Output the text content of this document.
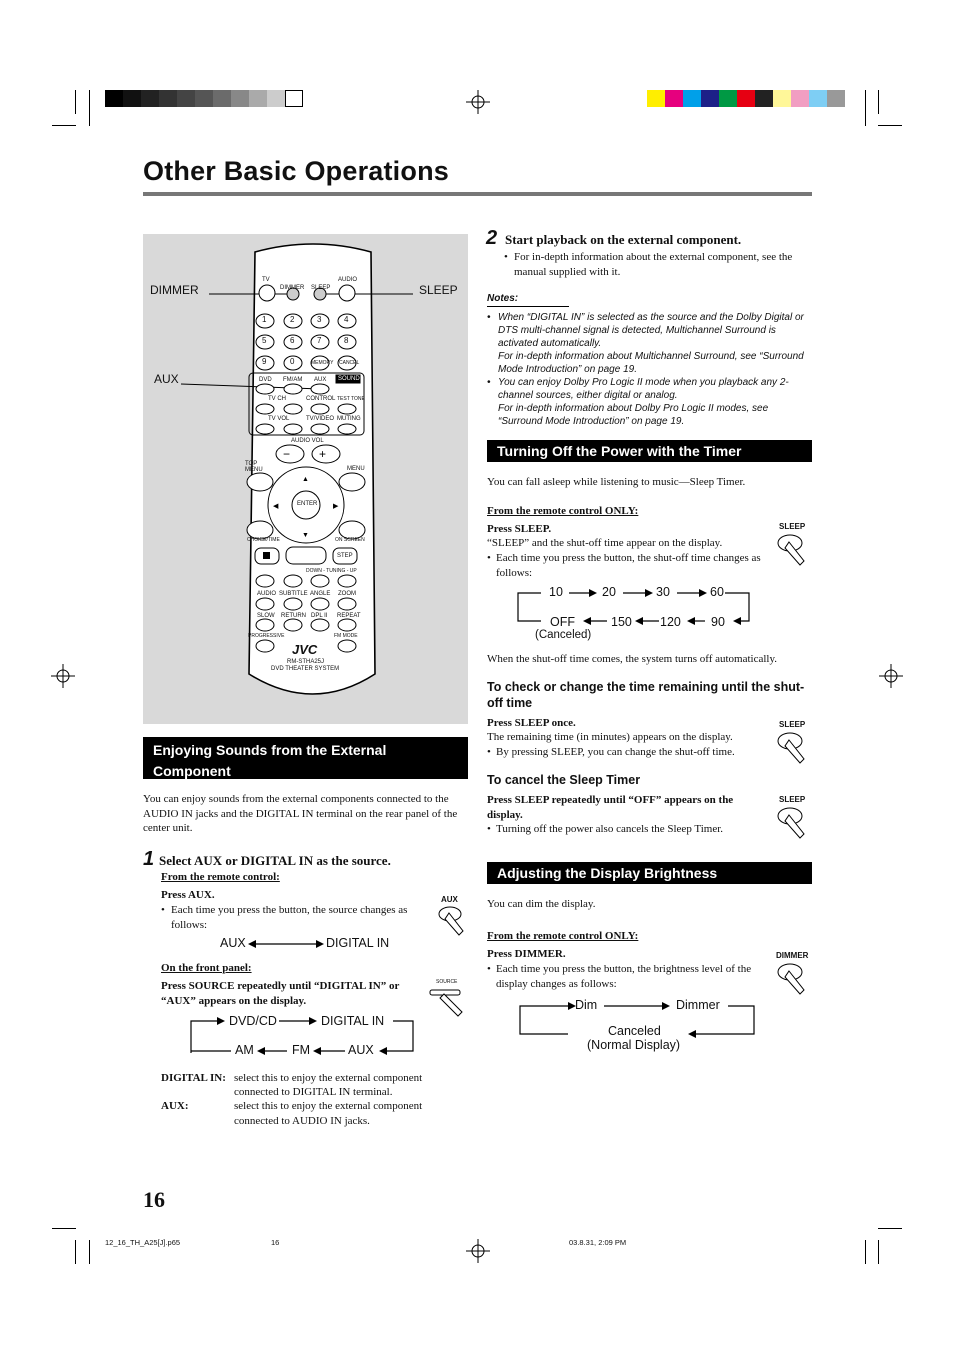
Other Basic Operations
− +
▲
▼
◀	▶
DIMMER	SLEEP
AUX
TV	AUDIO
DIMMER SLEEP
1	2	3	4
5	6	7	8
9	0	MEMORY CANCEL
DVD FM/AM AUX SOUND
TV CH	CONTROL TEST TONE
TV VOL	TV/VIDEO MUTING
AUDIO VOL
TOP MENU	MENU
ENTER
CHOICE/TIME	ON SCREEN
STEP
DOWN - TUNING - UP
AUDIO SUBTITLE ANGLE ZOOM
SLOW RETURN DPL II REPEAT
PROGRESSIVE	FM MODE
JVC
RM-STHA25J
DVD THEATER SYSTEM
Enjoying Sounds from the External
Component
You can enjoy sounds from the external components connected to the AUDIO IN jacks and the DIGITAL IN terminal on the rear panel of the center unit.
1 Select AUX or DIGITAL IN as the source.
From the remote control:
Press AUX.
• Each time you press the button, the source changes as follows:
AUX
AUX	DIGITAL IN
On the front panel:
Press SOURCE repeatedly until “DIGITAL IN” or “AUX” appears on the display.
SOURCE
DVD/CD	DIGITAL IN
AM	FM	AUX
DIGITAL IN: select this to enjoy the external component
connected to DIGITAL IN terminal.
AUX:	select this to enjoy the external component
connected to AUDIO IN jacks.
2 Start playback on the external component.
• For in-depth information about the external component, see the manual supplied with it.
Notes:
• When “DIGITAL IN” is selected as the source and the Dolby Digital or DTS multi-channel signal is detected, Multichannel Surround is activated automatically.
For in-depth information about Multichannel Surround, see “Surround Mode Introduction” on page 19.
• You can enjoy Dolby Pro Logic II mode when you playback any 2-channel sources, either digital or analog.
For in-depth information about Dolby Pro Logic II modes, see “Surround Mode Introduction” on page 19.
Turning Off the Power with the Timer
You can fall asleep while listening to music—Sleep Timer.
From the remote control ONLY:
Press SLEEP.
“SLEEP” and the shut-off time appear on the display.
• Each time you press the button, the shut-off time changes as follows:
SLEEP
10	20	30	60
OFF	150 120 90
(Canceled)
When the shut-off time comes, the system turns off automatically.
To check or change the time remaining until the shut-off time
Press SLEEP once.
The remaining time (in minutes) appears on the display.
• By pressing SLEEP, you can change the shut-off time.
SLEEP
To cancel the Sleep Timer
Press SLEEP repeatedly until “OFF” appears on the display.
• Turning off the power also cancels the Sleep Timer.
SLEEP
Adjusting the Display Brightness
You can dim the display.
From the remote control ONLY:
Press DIMMER.
• Each time you press the button, the brightness level of the display changes as follows:
DIMMER
Dim	Dimmer
Canceled
(Normal Display)
16
12_16_TH_A25[J].p65	16	03.8.31, 2:09 PM
